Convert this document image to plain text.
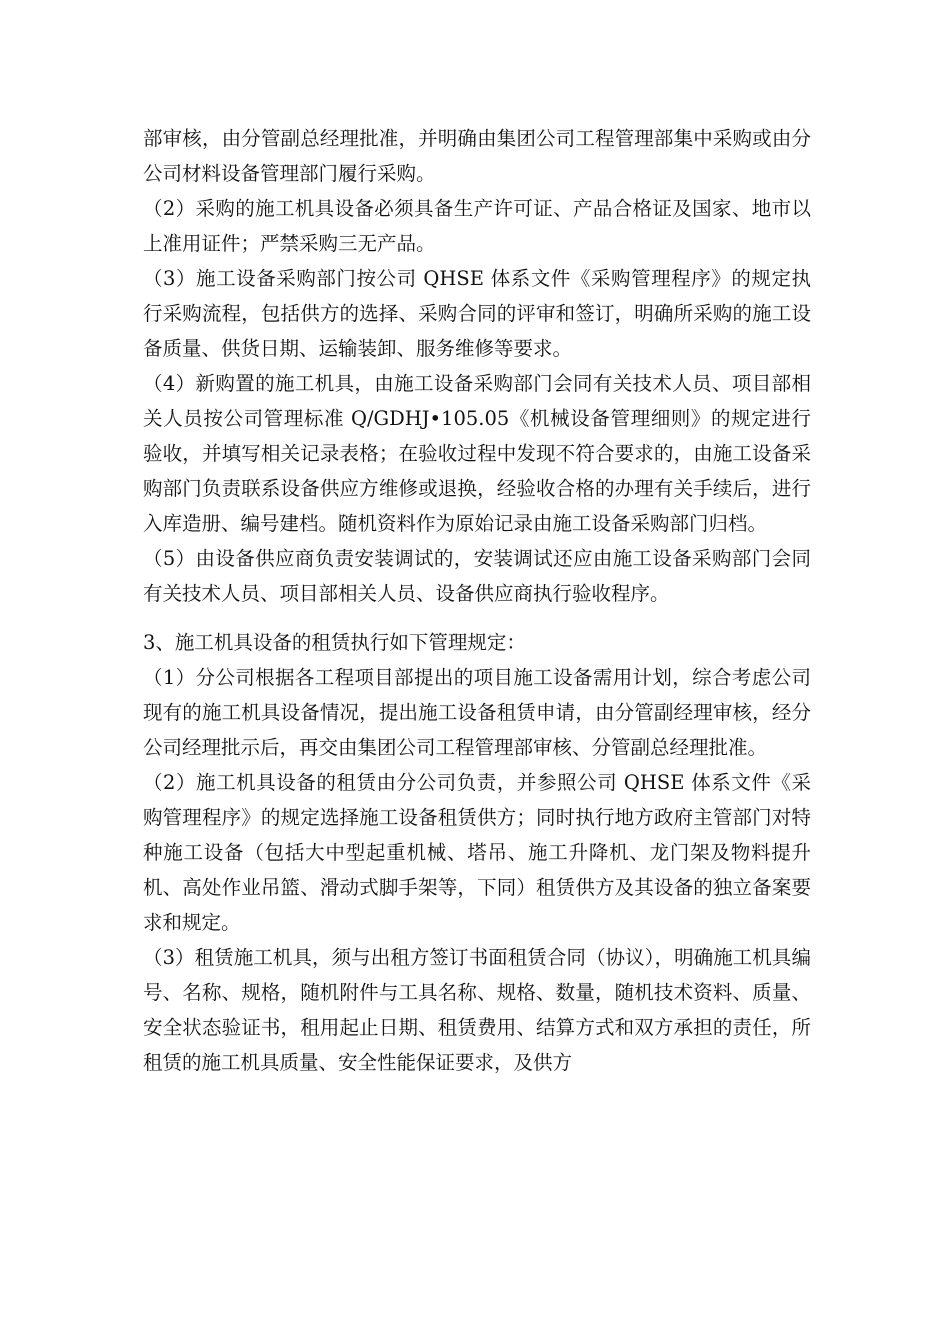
部审核，由分管副总经理批准，并明确由集团公司工程管理部集中采购或由分公司材料设备管理部门履行采购。

（2）采购的施工机具设备必须具备生产许可证、产品合格证及国家、地市以上准用证件；严禁采购三无产品。

（3）施工设备采购部门按公司 QHSE 体系文件《采购管理程序》的规定执行采购流程，包括供方的选择、采购合同的评审和签订，明确所采购的施工设备质量、供货日期、运输装卸、服务维修等要求。

（4）新购置的施工机具，由施工设备采购部门会同有关技术人员、项目部相关人员按公司管理标准 Q/GDHJ•105.05《机械设备管理细则》的规定进行验收，并填写相关记录表格；在验收过程中发现不符合要求的，由施工设备采购部门负责联系设备供应方维修或退换，经验收合格的办理有关手续后，进行入库造册、编号建档。随机资料作为原始记录由施工设备采购部门归档。

（5）由设备供应商负责安装调试的，安装调试还应由施工设备采购部门会同有关技术人员、项目部相关人员、设备供应商执行验收程序。

3、施工机具设备的租赁执行如下管理规定：

（1）分公司根据各工程项目部提出的项目施工设备需用计划，综合考虑公司现有的施工机具设备情况，提出施工设备租赁申请，由分管副经理审核，经分公司经理批示后，再交由集团公司工程管理部审核、分管副总经理批准。

（2）施工机具设备的租赁由分公司负责，并参照公司 QHSE 体系文件《采购管理程序》的规定选择施工设备租赁供方；同时执行地方政府主管部门对特种施工设备（包括大中型起重机械、塔吊、施工升降机、龙门架及物料提升机、高处作业吊篮、滑动式脚手架等，下同）租赁供方及其设备的独立备案要求和规定。

（3）租赁施工机具，须与出租方签订书面租赁合同（协议），明确施工机具编号、名称、规格，随机附件与工具名称、规格、数量，随机技术资料、质量、安全状态验证书，租用起止日期、租赁费用、结算方式和双方承担的责任，所租赁的施工机具质量、安全性能保证要求，及供方
